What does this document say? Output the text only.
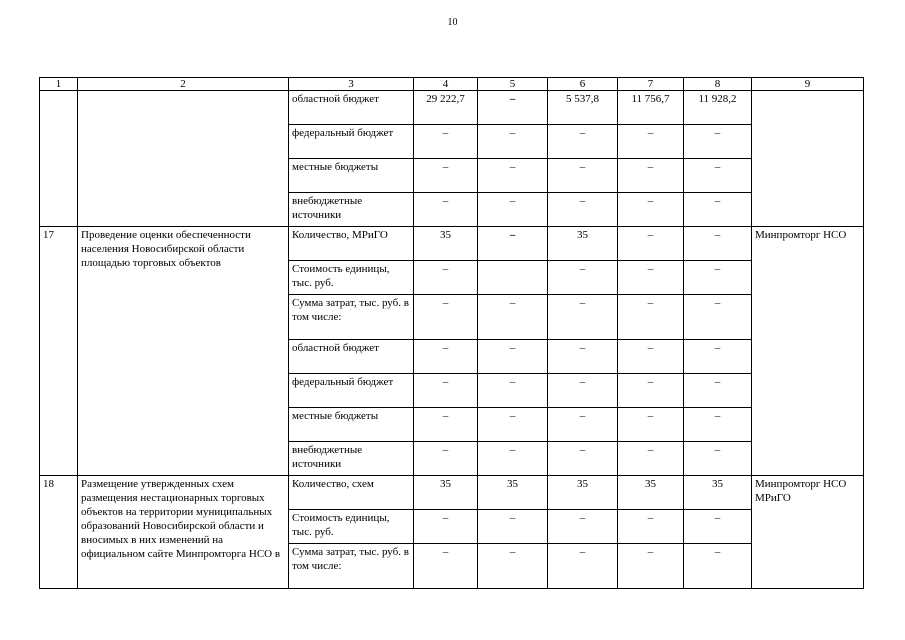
10
1	2	3	4	5	6	7	8	9
		областной бюджет	29 222,7	–	5 537,8	11 756,7	11 928,2	
		федеральный бюджет	–	–	–	–	–	
		местные бюджеты	–	–	–	–	–	
		внебюджетные источники	–	–	–	–	–	
17	Проведение оценки обеспеченности населения Новосибирской области площадью торговых объектов	Количество, МРиГО	35	–	35	–	–	Минпромторг НСО
		Стоимость единицы, тыс. руб.	–		–	–	–	
		Сумма затрат, тыс. руб. в том числе:	–	–	–	–	–	
		областной бюджет	–	–	–	–	–	
		федеральный бюджет	–	–	–	–	–	
		местные бюджеты	–	–	–	–	–	
		внебюджетные источники	–	–	–	–	–	
18	Размещение утвержденных схем размещения нестационарных торговых объектов на территории муниципальных образований Новосибирской области и вносимых в них изменений на официальном сайте Минпромторга НСО в	Количество, схем	35	35	35	35	35	Минпромторг НСО МРиГО
		Стоимость единицы, тыс. руб.	–	–	–	–	–	
		Сумма затрат, тыс. руб. в том числе:	–	–	–	–	–	
